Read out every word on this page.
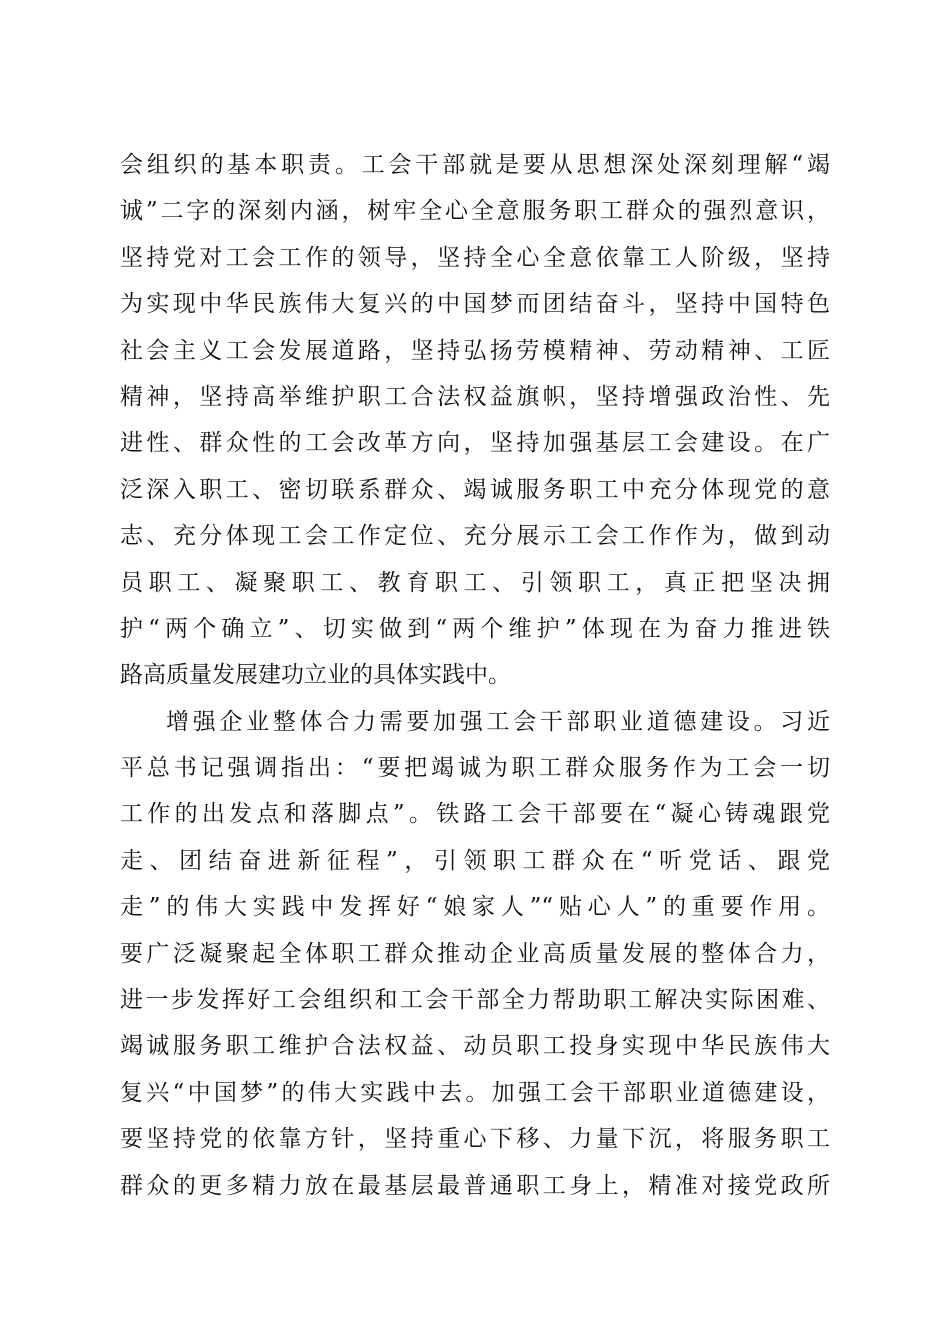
会组织的基本职责。工会干部就是要从思想深处深刻理解“竭
诚”二字的深刻内涵，树牢全心全意服务职工群众的强烈意识，
坚持党对工会工作的领导，坚持全心全意依靠工人阶级，坚持
为实现中华民族伟大复兴的中国梦而团结奋斗，坚持中国特色
社会主义工会发展道路，坚持弘扬劳模精神、劳动精神、工匠
精神，坚持高举维护职工合法权益旗帜，坚持增强政治性、先
进性、群众性的工会改革方向，坚持加强基层工会建设。在广
泛深入职工、密切联系群众、竭诚服务职工中充分体现党的意
志、充分体现工会工作定位、充分展示工会工作作为，做到动
员职工、凝聚职工、教育职工、引领职工，真正把坚决拥
护“两个确立”、切实做到“两个维护”体现在为奋力推进铁
路高质量发展建功立业的具体实践中。
增强企业整体合力需要加强工会干部职业道德建设。习近
平总书记强调指出：“要把竭诚为职工群众服务作为工会一切
工作的出发点和落脚点”。铁路工会干部要在“凝心铸魂跟党
走、团结奋进新征程”，引领职工群众在“听党话、跟党
走”的伟大实践中发挥好“娘家人”“贴心人”的重要作用。
要广泛凝聚起全体职工群众推动企业高质量发展的整体合力，
进一步发挥好工会组织和工会干部全力帮助职工解决实际困难、
竭诚服务职工维护合法权益、动员职工投身实现中华民族伟大
复兴“中国梦”的伟大实践中去。加强工会干部职业道德建设，
要坚持党的依靠方针，坚持重心下移、力量下沉，将服务职工
群众的更多精力放在最基层最普通职工身上，精准对接党政所
